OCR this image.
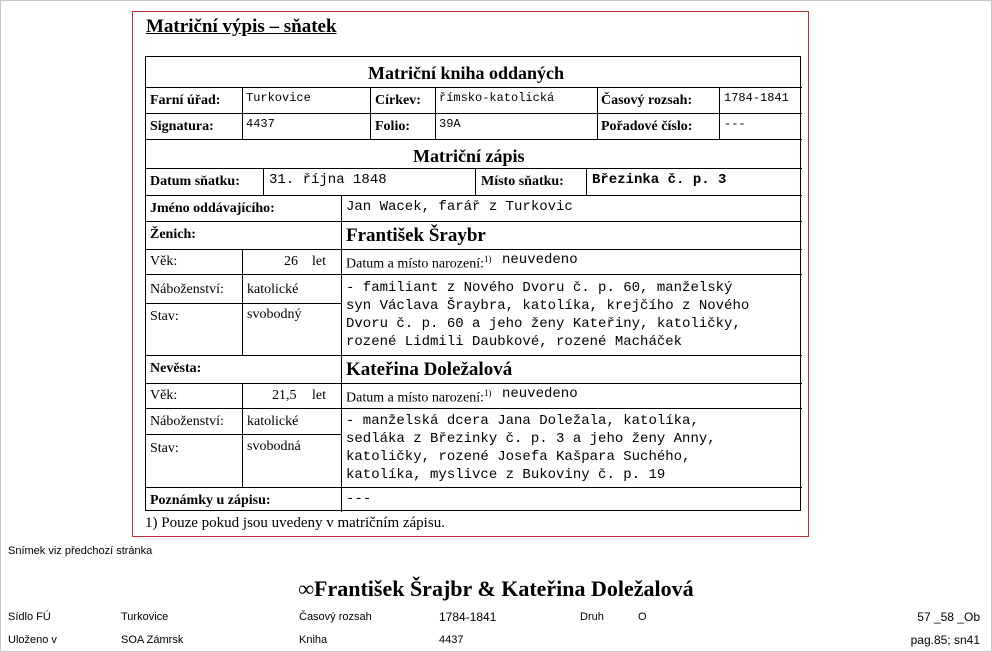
Matriční výpis – sňatek
Matriční kniha oddaných
Matriční zápis
Farní úřad: Turkovice	Církev: římsko-katolická	Časový rozsah:	1784-1841
Signatura:	4437	Folio: 39A	Pořadové číslo:	---
Datum sňatku: 31. října 1848	Místo sňatku: Březinka č. p. 3
Jméno oddávajícího:	Jan Wacek, farář z Turkovic
Ženich:	František Šraybr
Věk:	26 let Datum a místo narození:$^{1)}$ neuvedeno
Náboženství: katolické
Stav:	svobodný
- familiant z Nového Dvoru č. p. 60, manželský
syn Václava Šraybra, katolíka, krejčího z Nového
Dvoru č. p. 60 a jeho ženy Kateřiny, katoličky,
rozené Lidmili Daubkové, rozené Macháček
Nevěsta:	Kateřina Doležalová
Věk:	21,5 let Datum a místo narození:$^{1)}$ neuvedeno
Náboženství: katolické
Stav:	svobodná
- manželská dcera Jana Doležala, katolíka,
sedláka z Březinky č. p. 3 a jeho ženy Anny,
katoličky, rozené Josefa Kašpara Suchého,
katolíka, myslivce z Bukoviny č. p. 19
Poznámky u zápisu:	---
1) Pouze pokud jsou uvedeny v matričním zápisu.
Snímek viz předchozí stránka
∞František Šrajbr & Kateřina Doležalová
Sídlo FÚ	Turkovice	Časový rozsah	1784-1841	Druh	O	57 _58 _Ob
Uloženo v	SOA Zámrsk	Kniha	4437	pag.85; sn41
